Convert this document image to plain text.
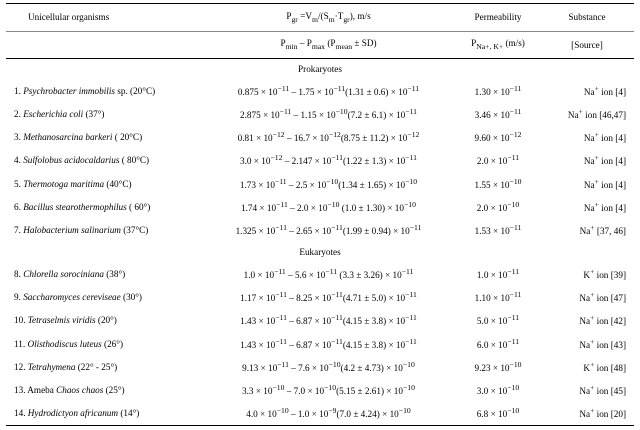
Unicellular organisms	$P_{gr} =V_m/(S_m\cdot T_{gr})$, m/s	Permeability	Substance
	$P_{min} - P_{max}$ $(P_{mean} \pm SD)$	$P_{Na+, K+}$ (m/s)	[Source]
Prokaryotes			
1. Psychrobacter immobilis sp. (20°C)	$0.875 \times 10^{-11} - 1.75 \times 10^{-11}(1.31 \pm 0.6) \times 10^{-11}$	$1.30 \times 10^{-11}$	Na+ ion [4]
2. Escherichia coli (37°)	$2.875 \times 10^{-11} - 1.15 \times 10^{-10}(7.2 \pm 6.1) \times 10^{-11}$	$3.46 \times 10^{-11}$	Na+ ion [46,47]
3. Methanosarcina barkeri ( 20°C)	$0.81 \times 10^{-12} - 16.7 \times 10^{-12}(8.75 \pm 11.2) \times 10^{-12}$	$9.60 \times 10^{-12}$	Na+ ion [4]
4. Sulfolobus acidocaldarius ( 80°C)	$3.0 \times 10^{-12} - 2.147 \times 10^{-11}(1.22 \pm 1.3) \times 10^{-11}$	$2.0 \times 10^{-11}$	Na+ ion [4]
5. Thermotoga maritima (40°C)	$1.73 \times 10^{-11} - 2.5 \times 10^{-10}(1.34 \pm 1.65) \times 10^{-10}$	$1.55 \times 10^{-10}$	Na+ ion [4]
6. Bacillus stearothermophilus ( 60°)	$1.74 \times 10^{-11} - 2.0 \times 10^{-10}$ $(1.0 \pm 1.30) \times 10^{-10}$	$2.0 \times 10^{-10}$	Na+ ion [4]
7. Halobacterium salinarium (37°C)	$1.325 \times 10^{-11} - 2.65 \times 10^{-11}(1.99 \pm 0.94) \times 10^{-11}$	$1.53 \times 10^{-11}$	Na+ [37, 46]
Eukaryotes			
8. Chlorella sorociniana (38°)	$1.0 \times 10^{-11} - 5.6 \times 10^{-11}$ $(3.3 \pm 3.26) \times 10^{-11}$	$1.0 \times 10^{-11}$	K+ ion [39]
9. Saccharomyces cereviseae (30°)	$1.17 \times 10^{-11} - 8.25 \times 10^{-11}(4.71 \pm 5.0) \times 10^{-11}$	$1.10 \times 10^{-11}$	Na+ ion [47]
10. Tetraselmis viridis (20°)	$1.43 \times 10^{-11} - 6.87 \times 10^{-11}(4.15 \pm 3.8) \times 10^{-11}$	$5.0 \times 10^{-11}$	Na+ ion [42]
11. Olisthodiscus luteus (26°)	$1.43 \times 10^{-11} - 6.87 \times 10^{-11}(4.15 \pm 3.8) \times 10^{-11}$	$6.0 \times 10^{-11}$	Na+ ion [43]
12. Tetrahymena (22° - 25°)	$9.13 \times 10^{-11} - 7.6 \times 10^{-10}(4.2 \pm 4.73) \times 10^{-10}$	$9.23 \times 10^{-10}$	K+ ion [48]
13. Ameba Chaos chaos (25°)	$3.3 \times 10^{-10} - 7.0 \times 10^{-10}(5.15 \pm 2.61) \times 10^{-10}$	$3.0 \times 10^{-10}$	Na+ ion [45]
14. Hydrodictyon africanum (14°)	$4.0 \times 10^{-10} - 1.0 \times 10^{-9}(7.0 \pm 4.24) \times 10^{-10}$	$6.8 \times 10^{-10}$	Na+ ion [20]
